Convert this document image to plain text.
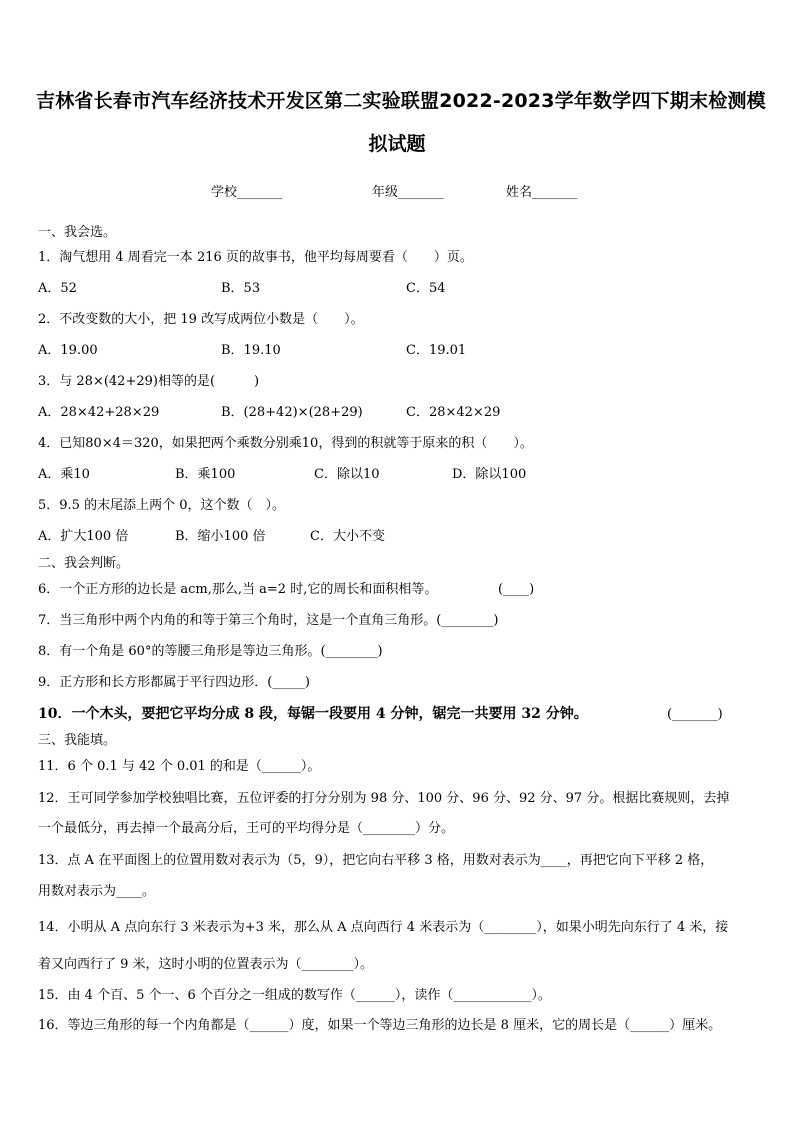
吉林省长春市汽车经济技术开发区第二实验联盟2022-2023学年数学四下期末检测模
拟试题
学校_______	年级_______	姓名_______
一、我会选。
1．淘气想用 4 周看完一本 216 页的故事书，他平均每周要看（　　）页。
A．52	B．53	C．54
2．不改变数的大小，把 19 改写成两位小数是（　　）。
A．19.00	B．19.10	C．19.01
3．与 28×(42+29)相等的是(　　　)
A．28×42+28×29	B．(28+42)×(28+29)	C．28×42×29
4．已知80×4＝320，如果把两个乘数分别乘10，得到的积就等于原来的积（　　）。
A．乘10	B．乘100	C．除以10	D．除以100
5．9.5 的末尾添上两个 0，这个数（　）。
A．扩大100 倍	B．缩小100 倍	C．大小不变
二、我会判断。
6．一个正方形的边长是 acm,那么,当 a=2 时,它的周长和面积相等。	(____)
7．当三角形中两个内角的和等于第三个角时，这是一个直角三角形。(________)
8．有一个角是 60°的等腰三角形是等边三角形。(________)
9．正方形和长方形都属于平行四边形．(_____)
10．一个木头，要把它平均分成 8 段，每锯一段要用 4 分钟，锯完一共要用 32 分钟。	(_______)
三、我能填。
11．6 个 0.1 与 42 个 0.01 的和是（______）。
12．王可同学参加学校独唱比赛，五位评委的打分分别为 98 分、100 分、96 分、92 分、97 分。根据比赛规则，去掉
一个最低分，再去掉一个最高分后，王可的平均得分是（________）分。
13．点 A 在平面图上的位置用数对表示为（5，9），把它向右平移 3 格，用数对表示为____，再把它向下平移 2 格，
用数对表示为____。
14．小明从 A 点向东行 3 米表示为+3 米，那么从 A 点向西行 4 米表示为（________），如果小明先向东行了 4 米，接
着又向西行了 9 米，这时小明的位置表示为（________）。
15．由 4 个百、5 个一、6 个百分之一组成的数写作（______），读作（____________）。
16．等边三角形的每一个内角都是（______）度，如果一个等边三角形的边长是 8 厘米，它的周长是（______）厘米。
